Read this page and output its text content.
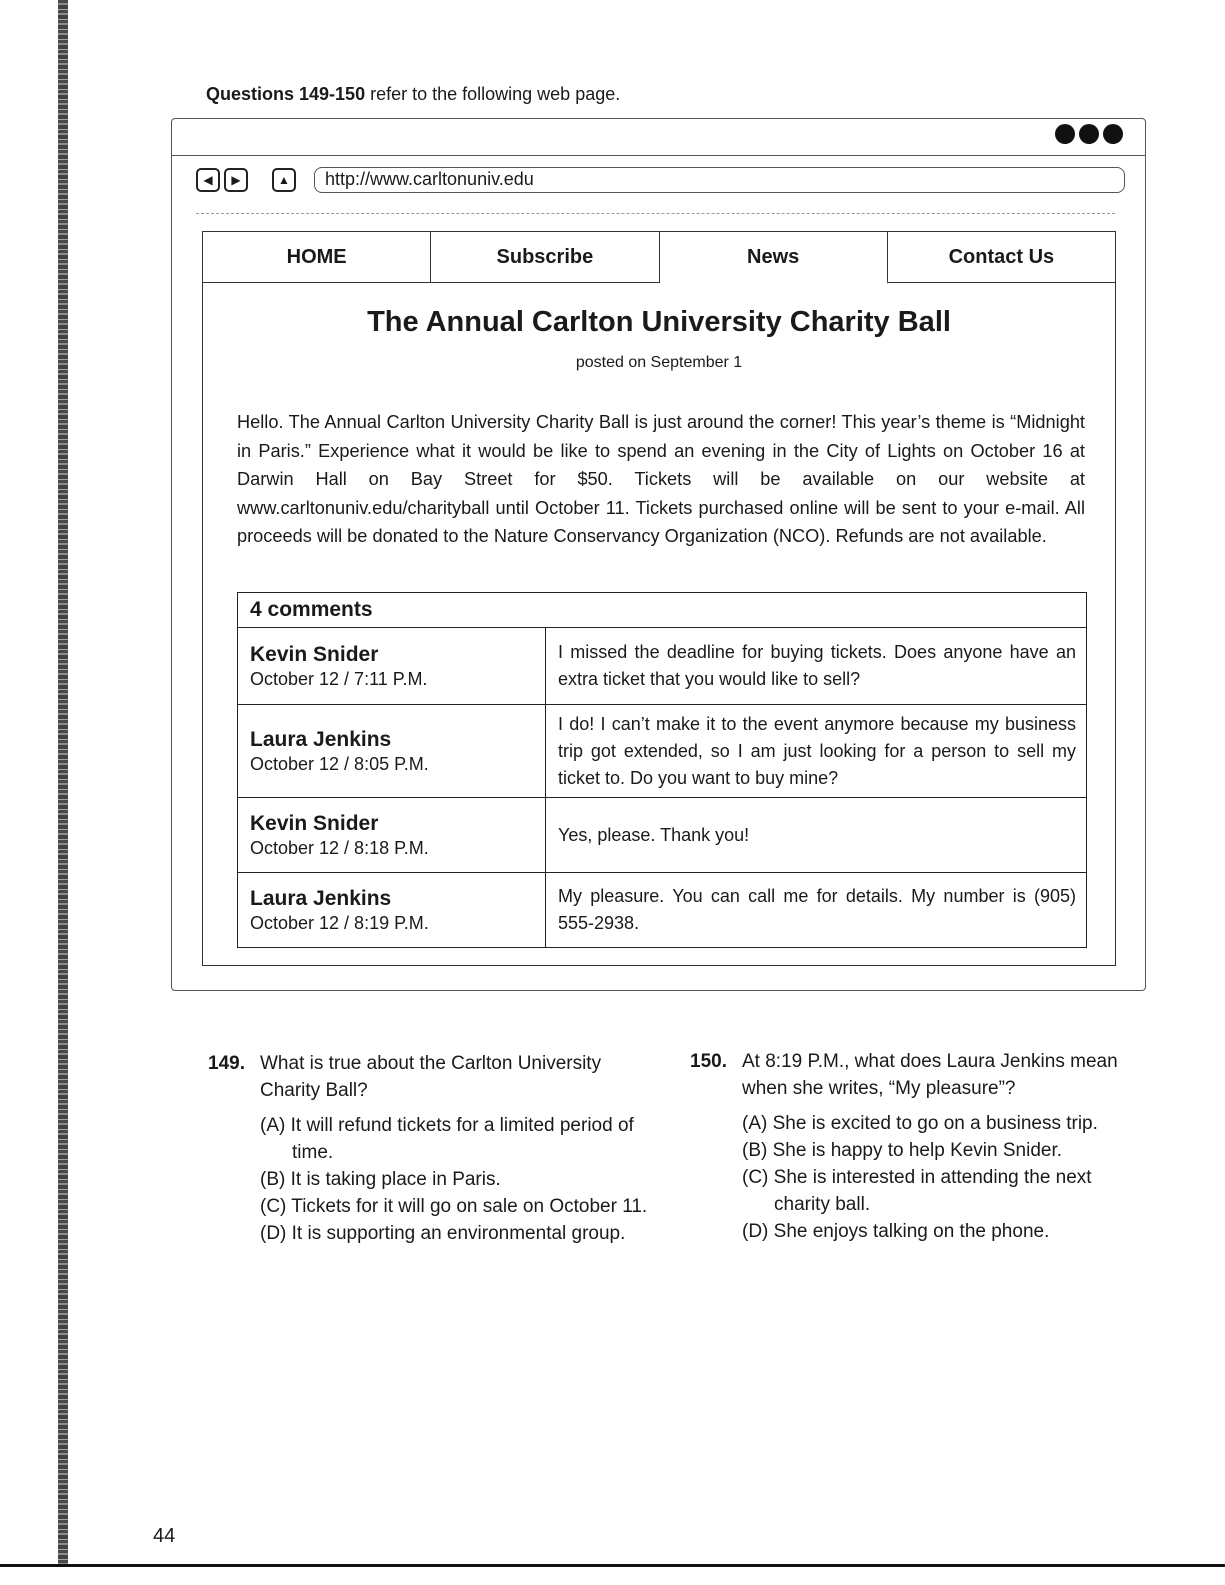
Questions 149-150 refer to the following web page.
◀	▶	▲	http://www.carltonuniv.edu
HOME	Subscribe	News	Contact Us
The Annual Carlton University Charity Ball
posted on September 1
Hello. The Annual Carlton University Charity Ball is just around the corner! This year’s theme is “Midnight in Paris.” Experience what it would be like to spend an evening in the City of Lights on October 16 at Darwin Hall on Bay Street for $50. Tickets will be available on our website at www.carltonuniv.edu/charityball until October 11. Tickets purchased online will be sent to your e-mail. All proceeds will be donated to the Nature Conservancy Organization (NCO). Refunds are not available.
4 comments
Kevin Snider
October 12 / 7:11 P.M.
I missed the deadline for buying tickets. Does anyone have an extra ticket that you would like to sell?
Laura Jenkins
October 12 / 8:05 P.M.
I do! I can’t make it to the event anymore because my business trip got extended, so I am just looking for a person to sell my ticket to. Do you want to buy mine?
Kevin Snider
October 12 / 8:18 P.M.
Yes, please. Thank you!
Laura Jenkins
October 12 / 8:19 P.M.
My pleasure. You can call me for details. My number is (905) 555-2938.
149. What is true about the Carlton University Charity Ball?
(A) It will refund tickets for a limited period of time.
(B) It is taking place in Paris.
(C) Tickets for it will go on sale on October 11.
(D) It is supporting an environmental group.
150. At 8:19 P.M., what does Laura Jenkins mean when she writes, “My pleasure”?
(A) She is excited to go on a business trip.
(B) She is happy to help Kevin Snider.
(C) She is interested in attending the next charity ball.
(D) She enjoys talking on the phone.
44
